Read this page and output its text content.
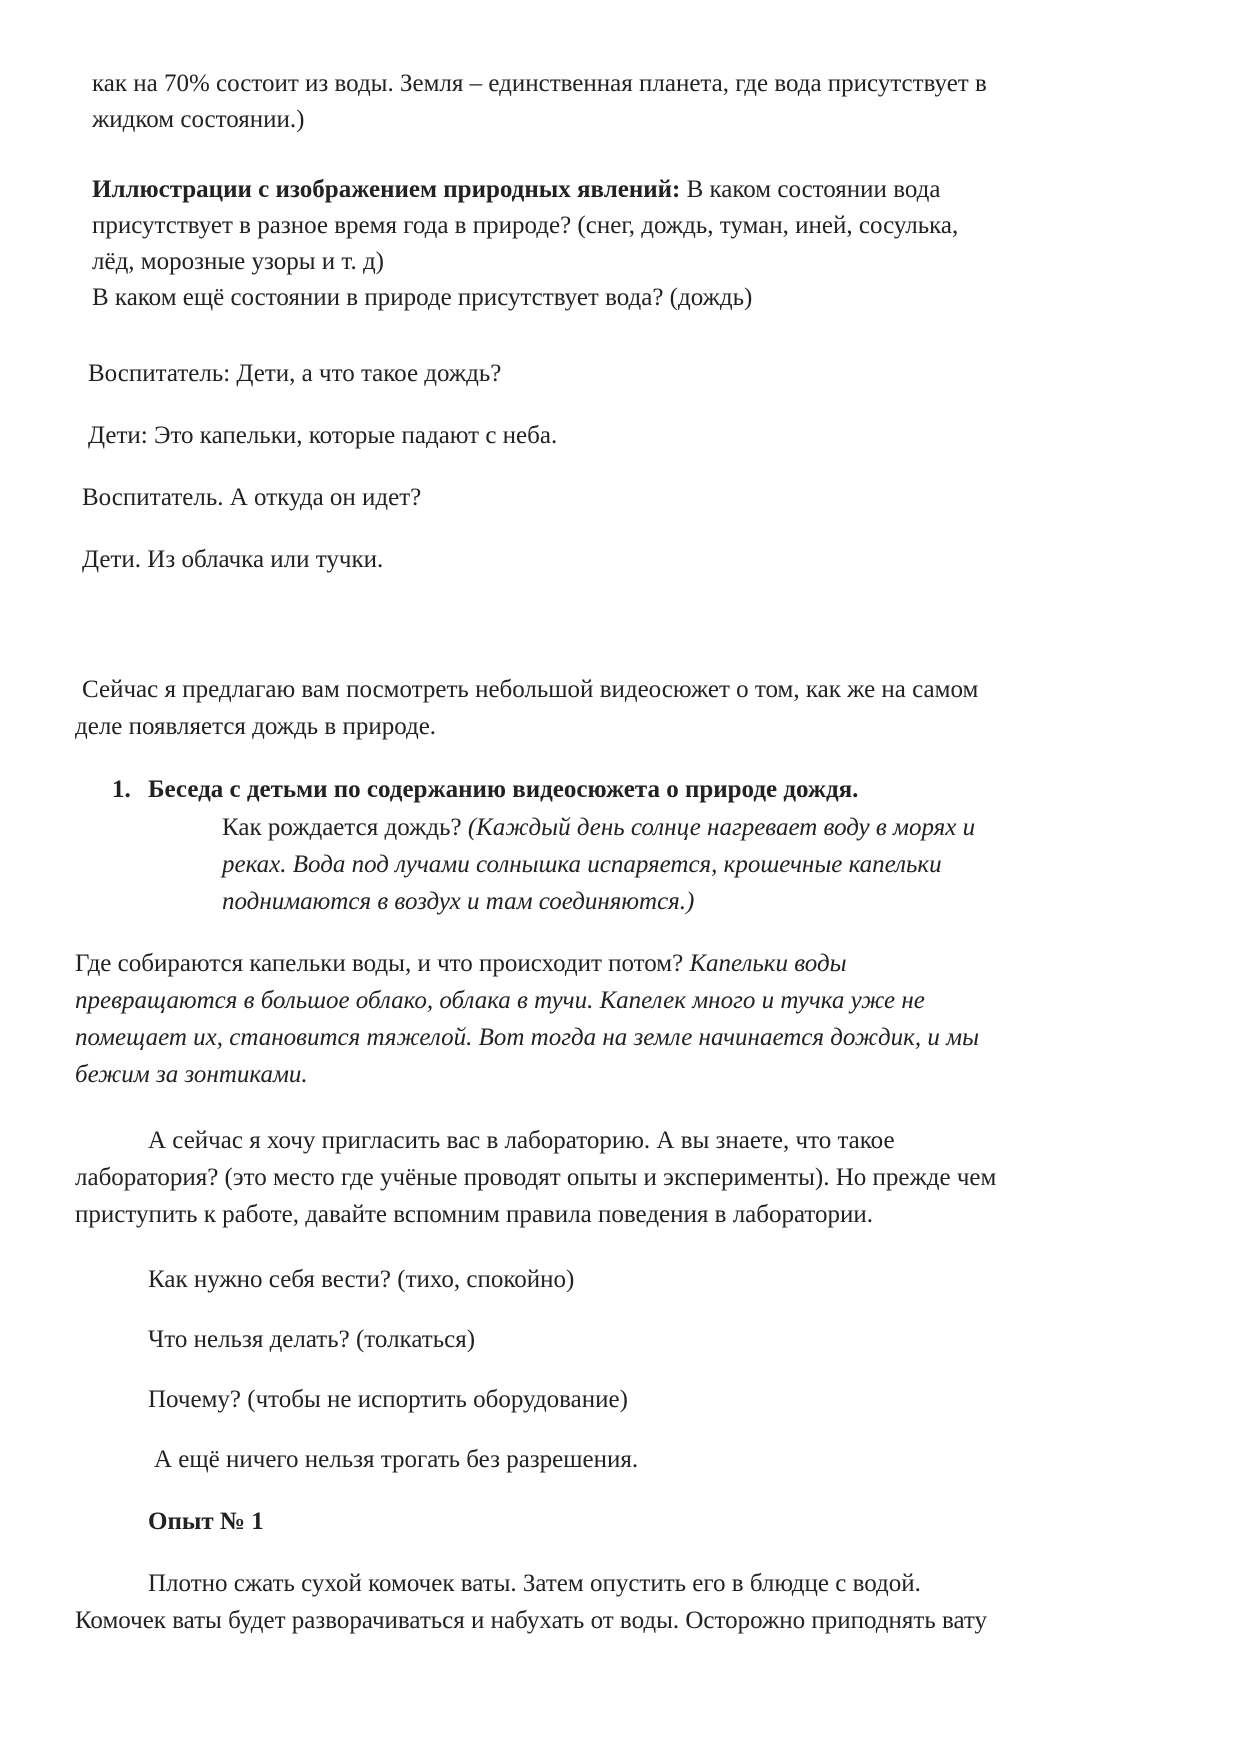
как на 70% состоит из воды. Земля – единственная планета, где вода присутствует в

жидком состоянии.)

Иллюстрации с изображением природных явлений: В каком состоянии вода

присутствует в разное время года в природе? (снег, дождь, туман, иней, сосулька,

лёд, морозные узоры и т. д)

В каком ещё состоянии в природе присутствует вода? (дождь)

Воспитатель: Дети, а что такое дождь?

Дети: Это капельки, которые падают с неба.

Воспитатель. А откуда он идет?

Дети. Из облачка или тучки.

Сейчас я предлагаю вам посмотреть небольшой видеосюжет о том, как же на самом

деле появляется дождь в природе.

1. Беседа с детьми по содержанию видеосюжета о природе дождя.

Как рождается дождь? (Каждый день солнце нагревает воду в морях и

реках. Вода под лучами солнышка испаряется, крошечные капельки

поднимаются в воздух и там соединяются.)

Где собираются капельки воды, и что происходит потом? Капельки воды

превращаются в большое облако, облака в тучи. Капелек много и тучка уже не

помещает их, становится тяжелой. Вот тогда на земле начинается дождик, и мы

бежим за зонтиками.

А сейчас я хочу пригласить вас в лабораторию. А вы знаете, что такое

лаборатория? (это место где учёные проводят опыты и эксперименты). Но прежде чем

приступить к работе, давайте вспомним правила поведения в лаборатории.

Как нужно себя вести? (тихо, спокойно)

Что нельзя делать? (толкаться)

Почему? (чтобы не испортить оборудование)

А ещё ничего нельзя трогать без разрешения.

Опыт № 1

Плотно сжать сухой комочек ваты. Затем опустить его в блюдце с водой.

Комочек ваты будет разворачиваться и набухать от воды. Осторожно приподнять вату
